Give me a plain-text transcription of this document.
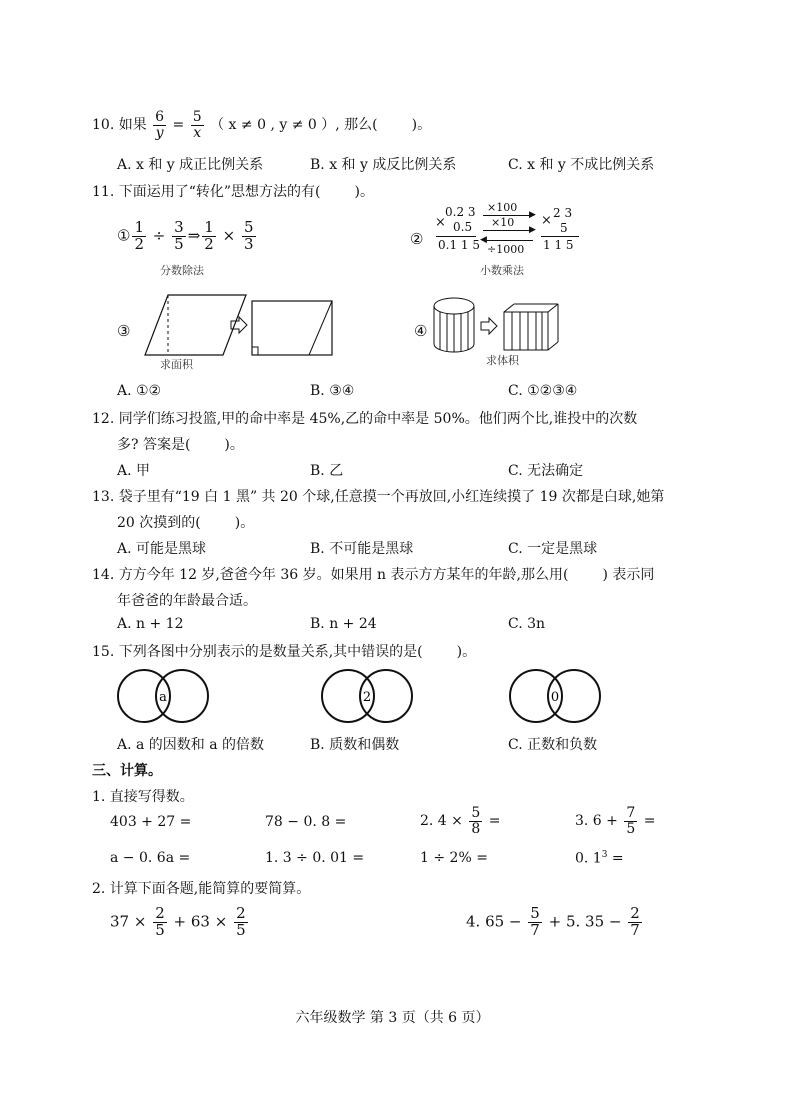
10. 如果 $\frac{6}{y} = \frac{5}{x}$ （ x ≠ 0 , y ≠ 0 ）, 那么( )。
A. x 和 y 成正比例关系	B. x 和 y 成反比例关系	C. x 和 y 不成比例关系
11. 下面运用了“转化”思想方法的有( )。
① $\frac{1}{2} \div \frac{3}{5}$ ⇒ $\frac{1}{2} \times \frac{5}{3}$
分数除法
②
0.2 3
× 0.5
0.1 1 5
×100
▶
×10
▶
◀
÷1000
× 2 3
5
1 1 5
小数乘法
③
求面积
④
求体积
A. ①②	B. ③④	C. ①②③④
12. 同学们练习投篮,甲的命中率是 45%,乙的命中率是 50%。他们两个比,谁投中的次数
多? 答案是( )。
A. 甲	B. 乙	C. 无法确定
13. 袋子里有“19 白 1 黑” 共 20 个球,任意摸一个再放回,小红连续摸了 19 次都是白球,她第
20 次摸到的( )。
A. 可能是黑球	B. 不可能是黑球	C. 一定是黑球
14. 方方今年 12 岁,爸爸今年 36 岁。如果用 n 表示方方某年的年龄,那么用( ) 表示同
年爸爸的年龄最合适。
A. n + 12	B. n + 24	C. 3n
15. 下列各图中分别表示的是数量关系,其中错误的是( )。
a	2	0
A. a 的因数和 a 的倍数	B. 质数和偶数	C. 正数和负数
三、计算。
1. 直接写得数。
403 + 27 =	78 − 0. 8 =	2. $4 \times \frac{5}{8}$ =	3. $6 + \frac{7}{5}$ =
a − 0. 6a =	1. 3 ÷ 0. 01 =	1 ÷ 2% =	0. $1^3$ =
2. 计算下面各题,能简算的要简算。
$37 \times \frac{2}{5} + 63 \times \frac{2}{5}$	4. $65 - \frac{5}{7} + 5$. $35 - \frac{2}{7}$
六年级数学 第 3 页（共 6 页）
